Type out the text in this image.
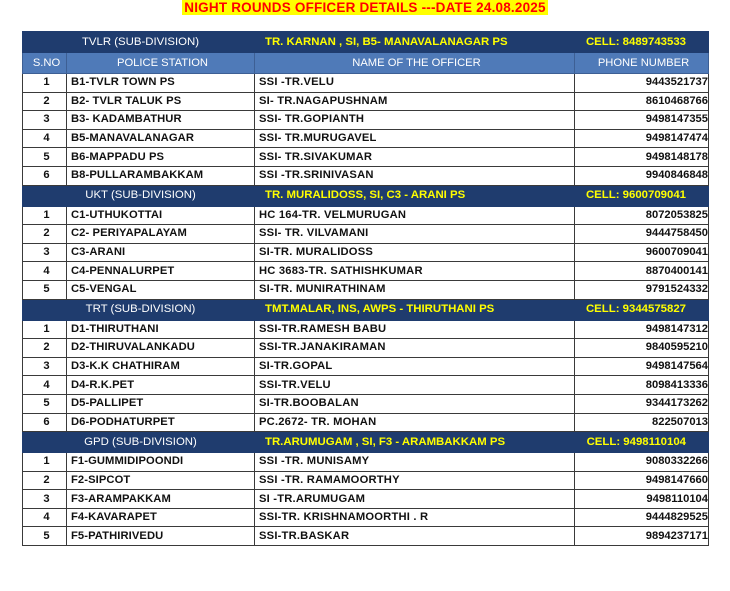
NIGHT ROUNDS OFFICER DETAILS ---DATE 24.08.2025
TVLR (SUB-DIVISION)		TR. KARNAN , SI, B5- MANAVALANAGAR PS CELL: 8489743533	

S.NO	POLICE STATION	NAME OF THE OFFICER	PHONE NUMBER
1	B1-TVLR TOWN PS	SSI -TR.VELU	9443521737
2	B2- TVLR TALUK PS	SI- TR.NAGAPUSHNAM	8610468766
3	B3- KADAMBATHUR	SSI- TR.GOPIANTH	9498147355
4	B5-MANAVALANAGAR	SSI- TR.MURUGAVEL	9498147474
5	B6-MAPPADU PS	SSI- TR.SIVAKUMAR	9498148178
6	B8-PULLARAMBAKKAM	SSI -TR.SRINIVASAN	9940846848
UKT (SUB-DIVISION)		TR. MURALIDOSS, SI, C3 - ARANI PS CELL: 9600709041	

1	C1-UTHUKOTTAI	HC 164-TR. VELMURUGAN	8072053825
2	C2- PERIYAPALAYAM	SSI- TR. VILVAMANI	9444758450
3	C3-ARANI	SI-TR. MURALIDOSS	9600709041
4	C4-PENNALURPET	HC 3683-TR. SATHISHKUMAR	8870400141
5	C5-VENGAL	SI-TR. MUNIRATHINAM	9791524332
TRT (SUB-DIVISION)		TMT.MALAR, INS, AWPS - THIRUTHANI PS CELL: 9344575827	

1	D1-THIRUTHANI	SSI-TR.RAMESH BABU	9498147312
2	D2-THIRUVALANKADU	SSI-TR.JANAKIRAMAN	9840595210
3	D3-K.K CHATHIRAM	SI-TR.GOPAL	9498147564
4	D4-R.K.PET	SSI-TR.VELU	8098413336
5	D5-PALLIPET	SI-TR.BOOBALAN	9344173262
6	D6-PODHATURPET	PC.2672- TR. MOHAN	822507013
GPD (SUB-DIVISION)		TR.ARUMUGAM , SI, F3 - ARAMBAKKAM PS CELL: 9498110104	

1	F1-GUMMIDIPOONDI	SSI -TR. MUNISAMY	9080332266
2	F2-SIPCOT	SSI -TR. RAMAMOORTHY	9498147660
3	F3-ARAMPAKKAM	SI -TR.ARUMUGAM	9498110104
4	F4-KAVARAPET	SSI-TR. KRISHNAMOORTHI . R	9444829525
5	F5-PATHIRIVEDU	SSI-TR.BASKAR	9894237171
